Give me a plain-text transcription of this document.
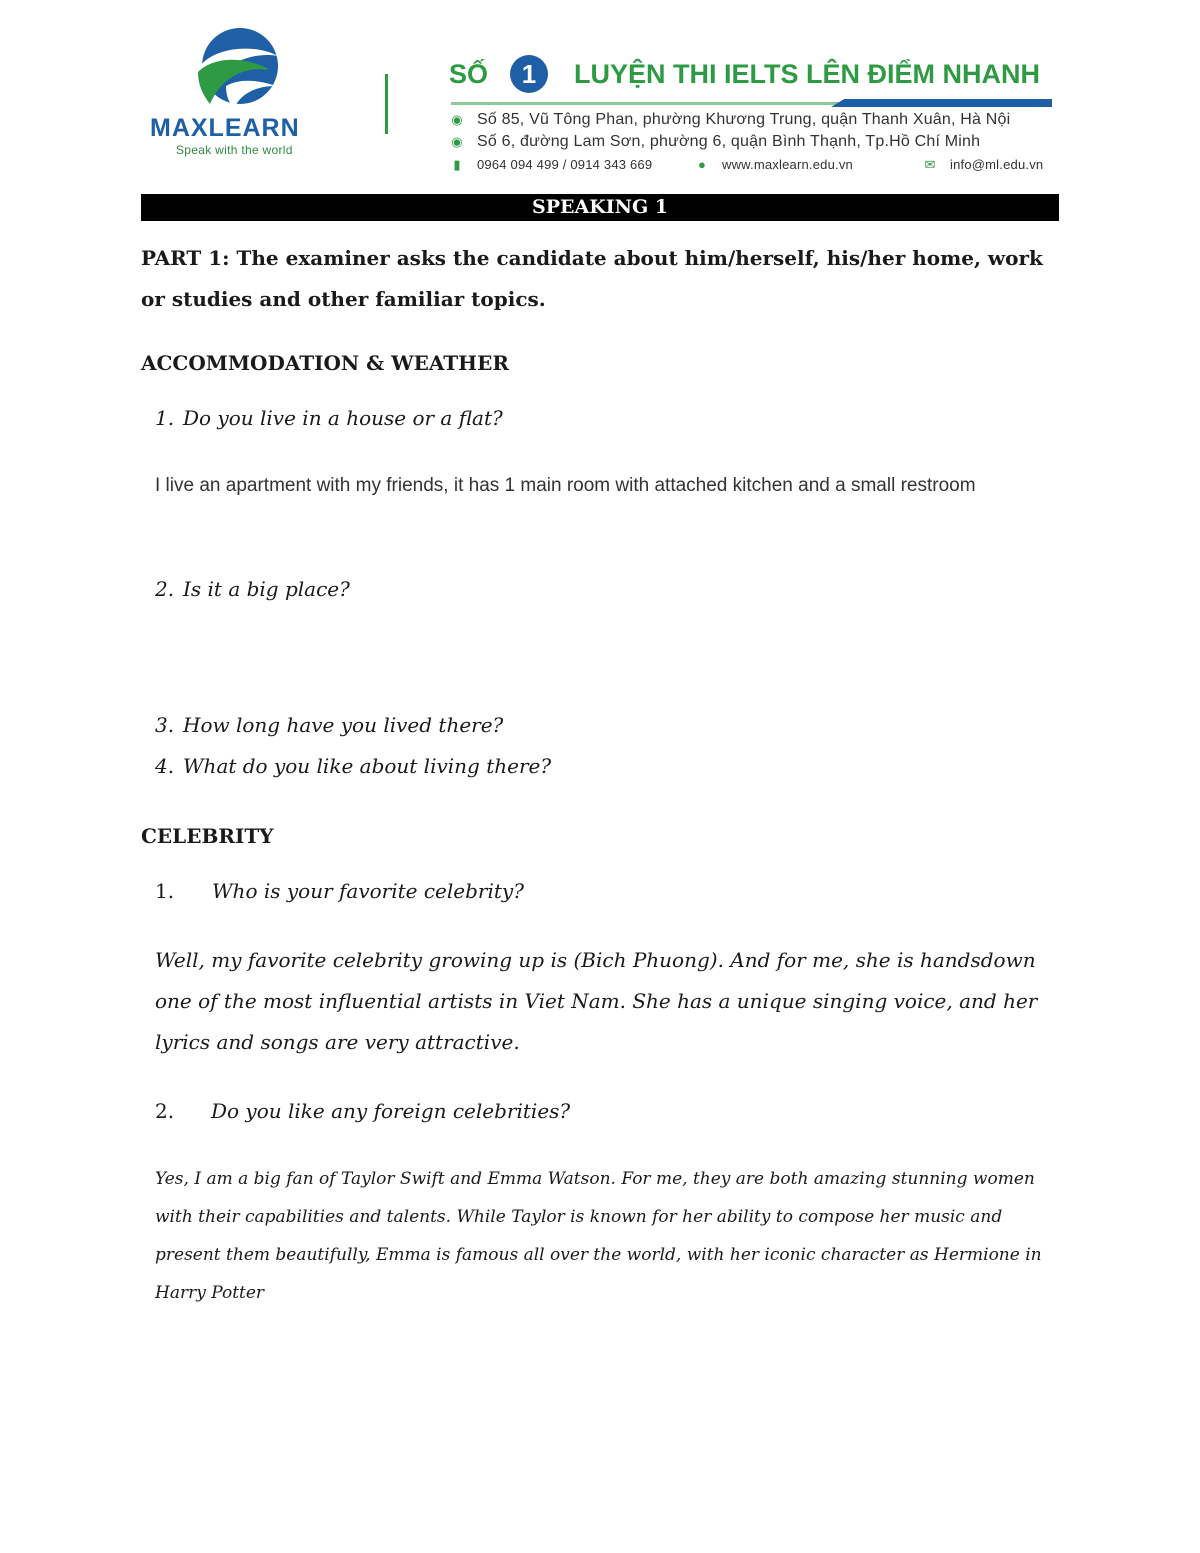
MAXLEARN
Speak with the world
SỐ	1	LUYỆN THI IELTS LÊN ĐIỂM NHANH
◉ Số 85, Vũ Tông Phan, phường Khương Trung, quận Thanh Xuân, Hà Nội
◉ Số 6, đường Lam Sơn, phường 6, quận Bình Thạnh, Tp.Hồ Chí Minh
▮ 0964 094 499 / 0914 343 669	● www.maxlearn.edu.vn	✉ info@ml.edu.vn
SPEAKING 1
PART 1: The examiner asks the candidate about him/herself, his/her home, work or studies and other familiar topics.
ACCOMMODATION & WEATHER
1. Do you live in a house or a flat?
I live an apartment with my friends, it has 1 main room with attached kitchen and a small restroom
2. Is it a big place?
3. How long have you lived there?
4. What do you like about living there?
CELEBRITY
1. Who is your favorite celebrity?
Well, my favorite celebrity growing up is (Bich Phuong). And for me, she is handsdown one of the most influential artists in Viet Nam. She has a unique singing voice, and her lyrics and songs are very attractive.
2. Do you like any foreign celebrities?
Yes, I am a big fan of Taylor Swift and Emma Watson. For me, they are both amazing stunning women with their capabilities and talents. While Taylor is known for her ability to compose her music and present them beautifully, Emma is famous all over the world, with her iconic character as Hermione in Harry Potter
